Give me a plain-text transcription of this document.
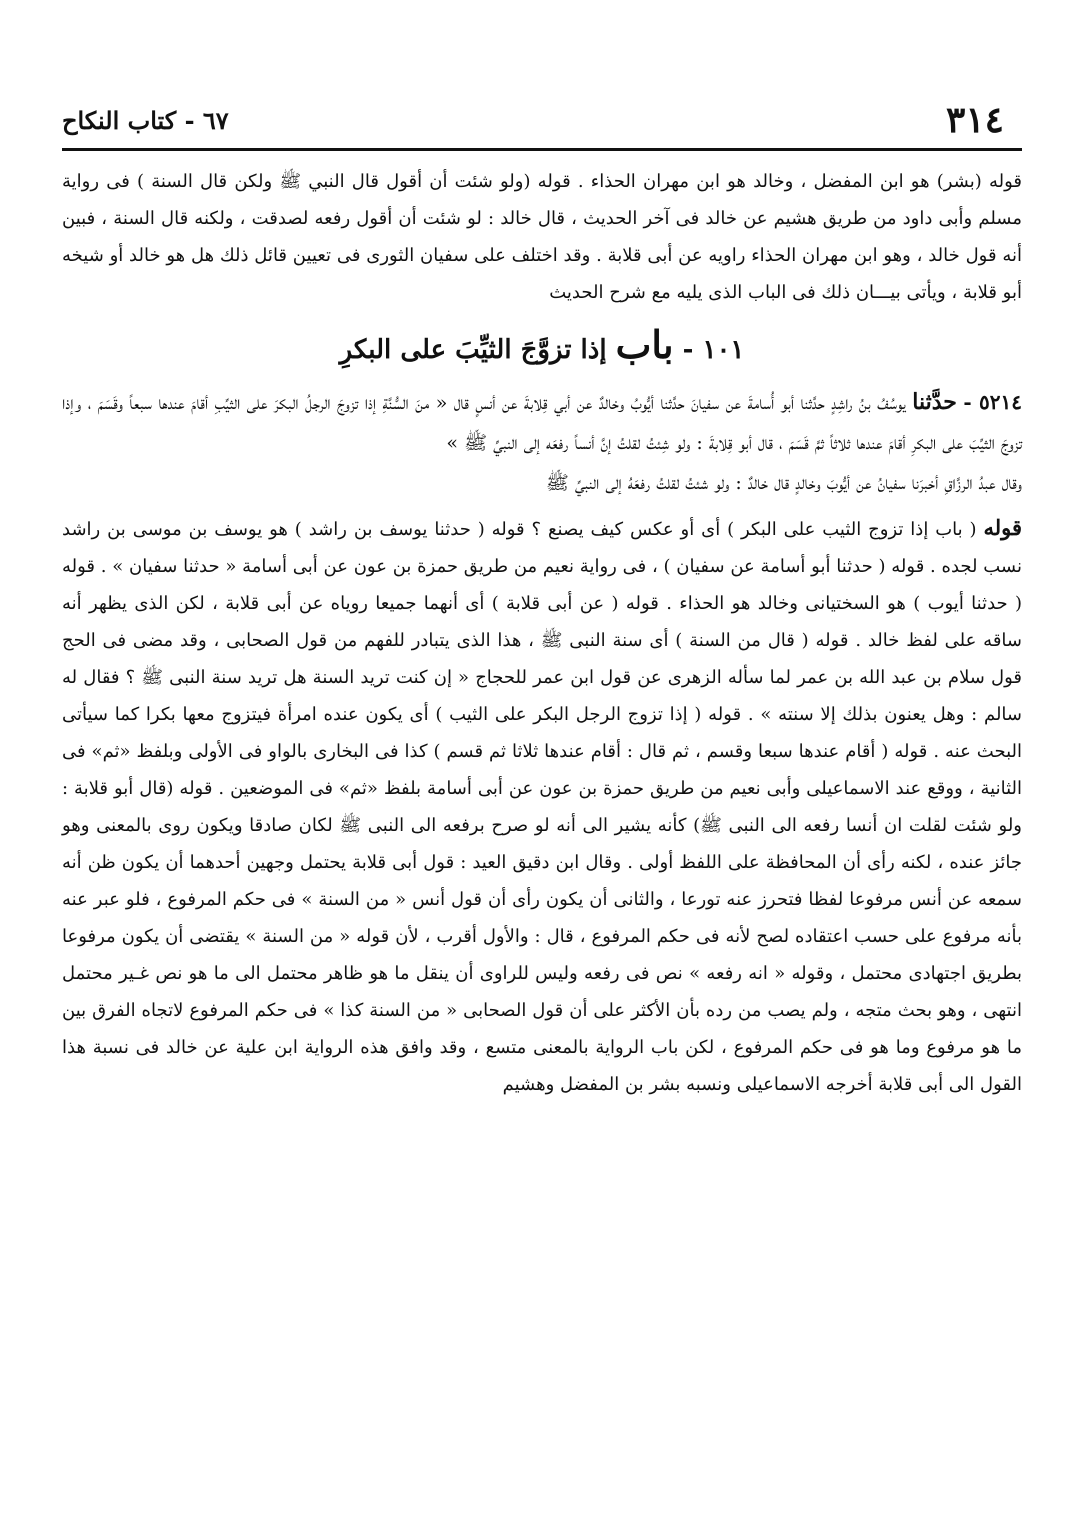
٣١٤
٦٧ - كتاب النكاح

قوله (بشر) هو ابن المفضل ، وخالد هو ابن مهران الحذاء . قوله (ولو شئت أن أقول قال النبي ﷺ ولكن قال السنة ) فى رواية مسلم وأبى داود من طريق هشيم عن خالد فى آخر الحديث ، قال خالد : لو شئت أن أقول رفعه لصدقت ، ولكنه قال السنة ، فبين أنه قول خالد ، وهو ابن مهران الحذاء راويه عن أبى قلابة . وقد اختلف على سفيان الثورى فى تعيين قائل ذلك هل هو خالد أو شيخه أبو قلابة ، ويأتى بيـــان ذلك فى الباب الذى يليه مع شرح الحديث

١٠١ - باب إذا تزوَّجَ الثيِّبَ على البكرِ

٥٢١٤ - حدَّثنا يوسُفُ بنُ راشِدٍ حدَّثنا أبو أُسامةَ عن سفيانَ حدَّثنا أيُّوبُ وخالدٌ عن أبي قِلابةَ عن أنسٍ قال « منَ السُّنَّةِ إذا تزوجَ الرجلُ البكرَ على الثيِّبِ أقامَ عندها سبعاً وقَسَمَ ، وإذا تزوجَ الثيِّبَ على البكرِ أقامَ عندها ثلاثاً ثمَّ قَسَمَ ، قال أبو قِلابةَ : ولو شِئتُ لقلتُ إنَّ أنساً رفعَه إلى النبيِّ ﷺ »

وقال عبدُ الرزَّاقِ أخبرَنا سفيانُ عن أيُّوبَ وخالدٍ قال خالدٌ : ولو شئتُ لقلتُ رفعَهُ إلى النبيِّ ﷺ

قوله ( باب إذا تزوج الثيب على البكر ) أى أو عكس كيف يصنع ؟ قوله ( حدثنا يوسف بن راشد ) هو يوسف بن موسى بن راشد نسب لجده . قوله ( حدثنا أبو أسامة عن سفيان ) ، فى رواية نعيم من طريق حمزة بن عون عن أبى أسامة « حدثنا سفيان » . قوله ( حدثنا أيوب ) هو السختيانى وخالد هو الحذاء . قوله ( عن أبى قلابة ) أى أنهما جميعا روياه عن أبى قلابة ، لكن الذى يظهر أنه ساقه على لفظ خالد . قوله ( قال من السنة ) أى سنة النبى ﷺ ، هذا الذى يتبادر للفهم من قول الصحابى ، وقد مضى فى الحج قول سلام بن عبد الله بن عمر لما سأله الزهرى عن قول ابن عمر للحجاج « إن كنت تريد السنة هل تريد سنة النبى ﷺ ؟ فقال له سالم : وهل يعنون بذلك إلا سنته » . قوله ( إذا تزوج الرجل البكر على الثيب ) أى يكون عنده امرأة فيتزوج معها بكرا كما سيأتى البحث عنه . قوله ( أقام عندها سبعا وقسم ، ثم قال : أقام عندها ثلاثا ثم قسم ) كذا فى البخارى بالواو فى الأولى وبلفظ «ثم» فى الثانية ، ووقع عند الاسماعيلى وأبى نعيم من طريق حمزة بن عون عن أبى أسامة بلفظ «ثم» فى الموضعين . قوله (قال أبو قلابة : ولو شئت لقلت ان أنسا رفعه الى النبى ﷺ) كأنه يشير الى أنه لو صرح برفعه الى النبى ﷺ لكان صادقا ويكون روى بالمعنى وهو جائز عنده ، لكنه رأى أن المحافظة على اللفظ أولى . وقال ابن دقيق العيد : قول أبى قلابة يحتمل وجهين أحدهما أن يكون ظن أنه سمعه عن أنس مرفوعا لفظا فتحرز عنه تورعا ، والثانى أن يكون رأى أن قول أنس « من السنة » فى حكم المرفوع ، فلو عبر عنه بأنه مرفوع على حسب اعتقاده لصح لأنه فى حكم المرفوع ، قال : والأول أقرب ، لأن قوله « من السنة » يقتضى أن يكون مرفوعا بطريق اجتهادى محتمل ، وقوله « انه رفعه » نص فى رفعه وليس للراوى أن ينقل ما هو ظاهر محتمل الى ما هو نص غـير محتمل انتهى ، وهو بحث متجه ، ولم يصب من رده بأن الأكثر على أن قول الصحابى « من السنة كذا » فى حكم المرفوع لاتجاه الفرق بين ما هو مرفوع وما هو فى حكم المرفوع ، لكن باب الرواية بالمعنى متسع ، وقد وافق هذه الرواية ابن علية عن خالد فى نسبة هذا القول الى أبى قلابة أخرجه الاسماعيلى ونسبه بشر بن المفضل وهشيم
